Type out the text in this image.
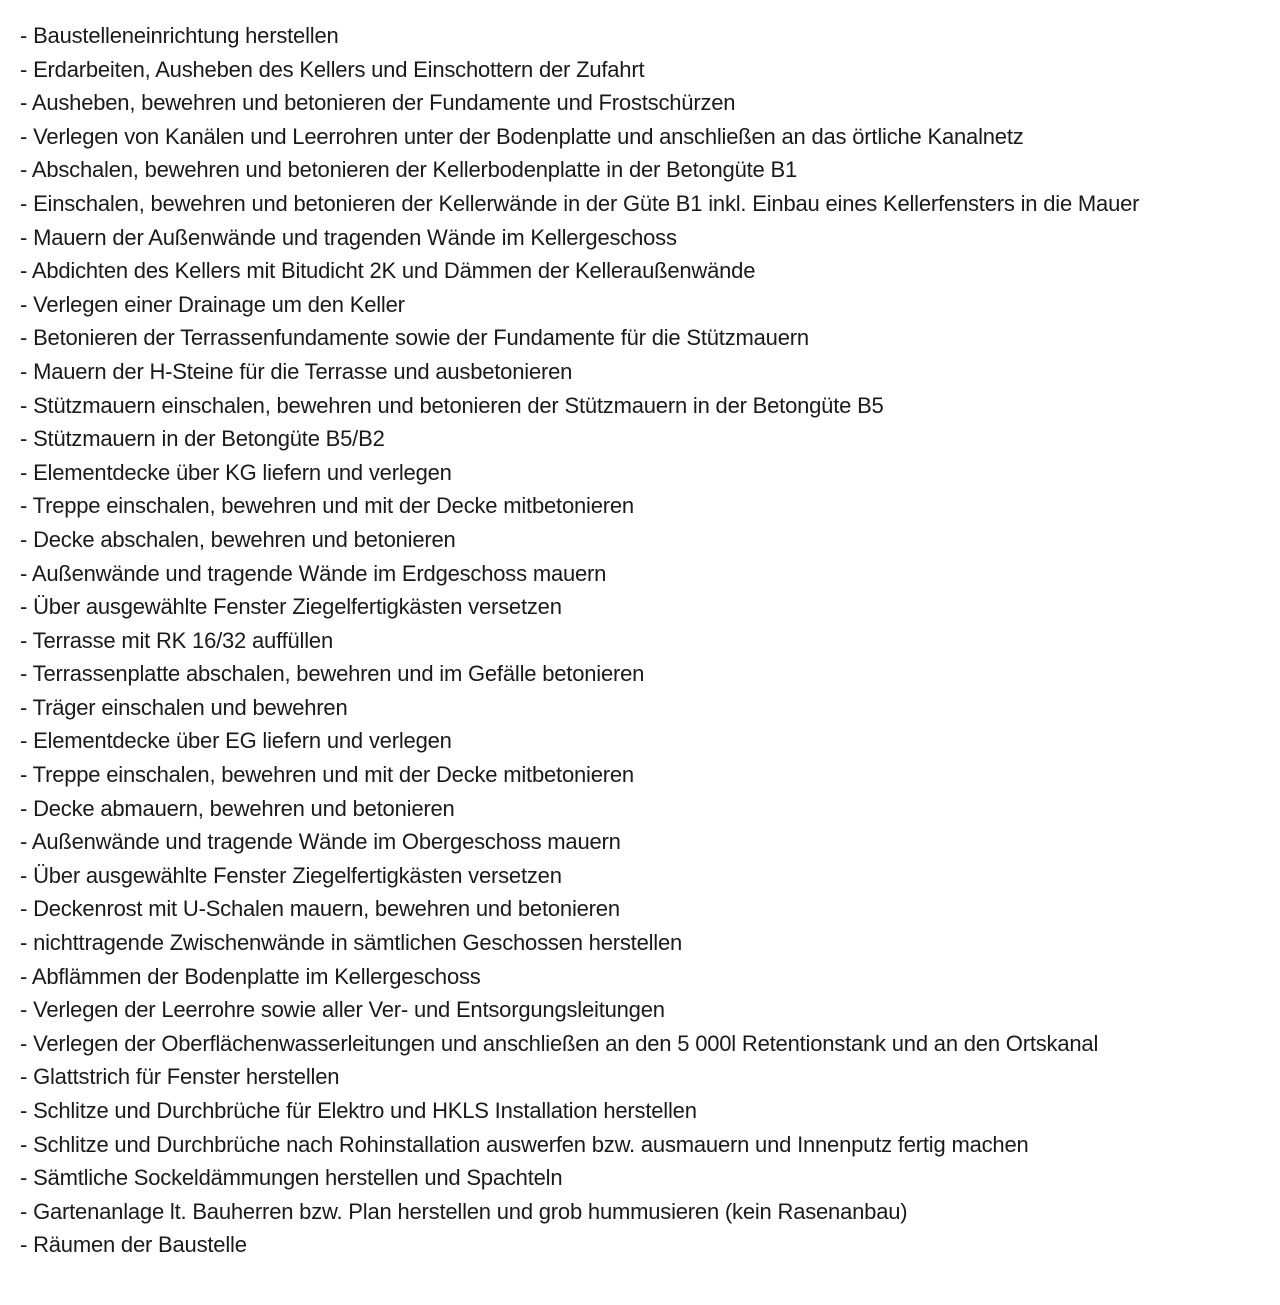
- Baustelleneinrichtung herstellen
- Erdarbeiten, Ausheben des Kellers und Einschottern der Zufahrt
- Ausheben, bewehren und betonieren der Fundamente und Frostschürzen
- Verlegen von Kanälen und Leerrohren unter der Bodenplatte und anschließen an das örtliche Kanalnetz
- Abschalen, bewehren und betonieren der Kellerbodenplatte in der Betongüte B1
- Einschalen, bewehren und betonieren der Kellerwände in der Güte B1 inkl. Einbau eines Kellerfensters in die Mauer
- Mauern der Außenwände und tragenden Wände im Kellergeschoss
- Abdichten des Kellers mit Bitudicht 2K und Dämmen der Kelleraußenwände
- Verlegen einer Drainage um den Keller
- Betonieren der Terrassenfundamente sowie der Fundamente für die Stützmauern
- Mauern der H-Steine für die Terrasse und ausbetonieren
- Stützmauern einschalen, bewehren und betonieren der Stützmauern in der Betongüte B5
- Stützmauern in der Betongüte B5/B2
- Elementdecke über KG liefern und verlegen
- Treppe einschalen, bewehren und mit der Decke mitbetonieren
- Decke abschalen, bewehren und betonieren
- Außenwände und tragende Wände im Erdgeschoss mauern
- Über ausgewählte Fenster Ziegelfertigkästen versetzen
- Terrasse mit RK 16/32 auffüllen
- Terrassenplatte abschalen, bewehren und im Gefälle betonieren
- Träger einschalen und bewehren
- Elementdecke über EG liefern und verlegen
- Treppe einschalen, bewehren und mit der Decke mitbetonieren
- Decke abmauern, bewehren und betonieren
- Außenwände und tragende Wände im Obergeschoss mauern
- Über ausgewählte Fenster Ziegelfertigkästen versetzen
- Deckenrost mit U-Schalen mauern, bewehren und betonieren
- nichttragende Zwischenwände in sämtlichen Geschossen herstellen
- Abflämmen der Bodenplatte im Kellergeschoss
- Verlegen der Leerrohre sowie aller Ver- und Entsorgungsleitungen
- Verlegen der Oberflächenwasserleitungen und anschließen an den 5 000l Retentionstank und an den Ortskanal
- Glattstrich für Fenster herstellen
- Schlitze und Durchbrüche für Elektro und HKLS Installation herstellen
- Schlitze und Durchbrüche nach Rohinstallation auswerfen bzw. ausmauern und Innenputz fertig machen
- Sämtliche Sockeldämmungen herstellen und Spachteln
- Gartenanlage lt. Bauherren bzw. Plan herstellen und grob hummusieren (kein Rasenanbau)
- Räumen der Baustelle
